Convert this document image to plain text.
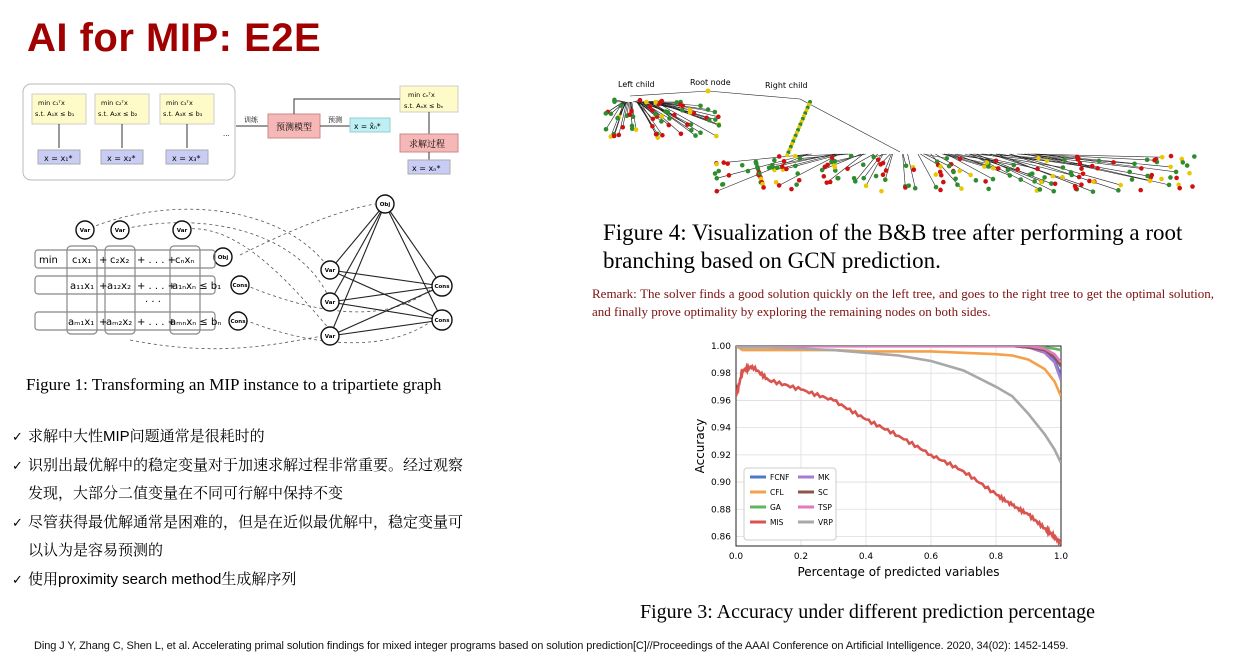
AI for MIP: E2E
min c₁ᵀx
s.t. A₁x ≤ b₁
min c₂ᵀx
s.t. A₂x ≤ b₂
min c₃ᵀx
s.t. A₃x ≤ b₃
x = x₁*	x = x₂*	x = x₃*
...
训练
预测模型
预测
x = x̂ₙ*
min cₙᵀx
s.t. Aₙx ≤ bₙ
求解过程
x = xₙ*
Var	Var	Var
Obj
Cons
Cons
Obj
Var
Var
Var
Cons
Cons
min c₁x₁ + c₂x₂ + . . . +
cₙxₙ
a₁₁x₁ + a₁₂x₂ + . . . +
a₁ₙxₙ ≤ b₁
· · ·
aₘ₁x₁ +
aₘ₂x₂ + . . . +
aₘₙxₙ ≤ bₙ
Figure 1: Transforming an MIP instance to a tripartiete graph
✓ 求解中大性MIP问题通常是很耗时的
✓ 识别出最优解中的稳定变量对于加速求解过程非常重要。经过观察
发现，大部分二值变量在不同可行解中保持不变
✓ 尽管获得最优解通常是困难的，但是在近似最优解中，稳定变量可
以认为是容易预测的
✓ 使用proximity search method生成解序列
Left child	Root node	Right child
Figure 4: Visualization of the B&B tree after performing a root branching based on GCN prediction.
Remark: The solver finds a good solution quickly on the left tree, and goes to the right tree to get the optimal solution, and finally prove optimality by exploring the remaining nodes on both sides.
0.0	0.2	0.4	0.6	0.8	1.0
0.86
0.88
0.90
0.92
0.94
0.96
0.98
1.00
FCNF
CFL
GA
MIS
MK
SC
TSP
VRP
Percentage of predicted variables
Accuracy
Figure 3: Accuracy under different prediction percentage
Ding J Y, Zhang C, Shen L, et al. Accelerating primal solution findings for mixed integer programs based on solution prediction[C]//Proceedings of the AAAI Conference on Artificial Intelligence. 2020, 34(02): 1452-1459.
